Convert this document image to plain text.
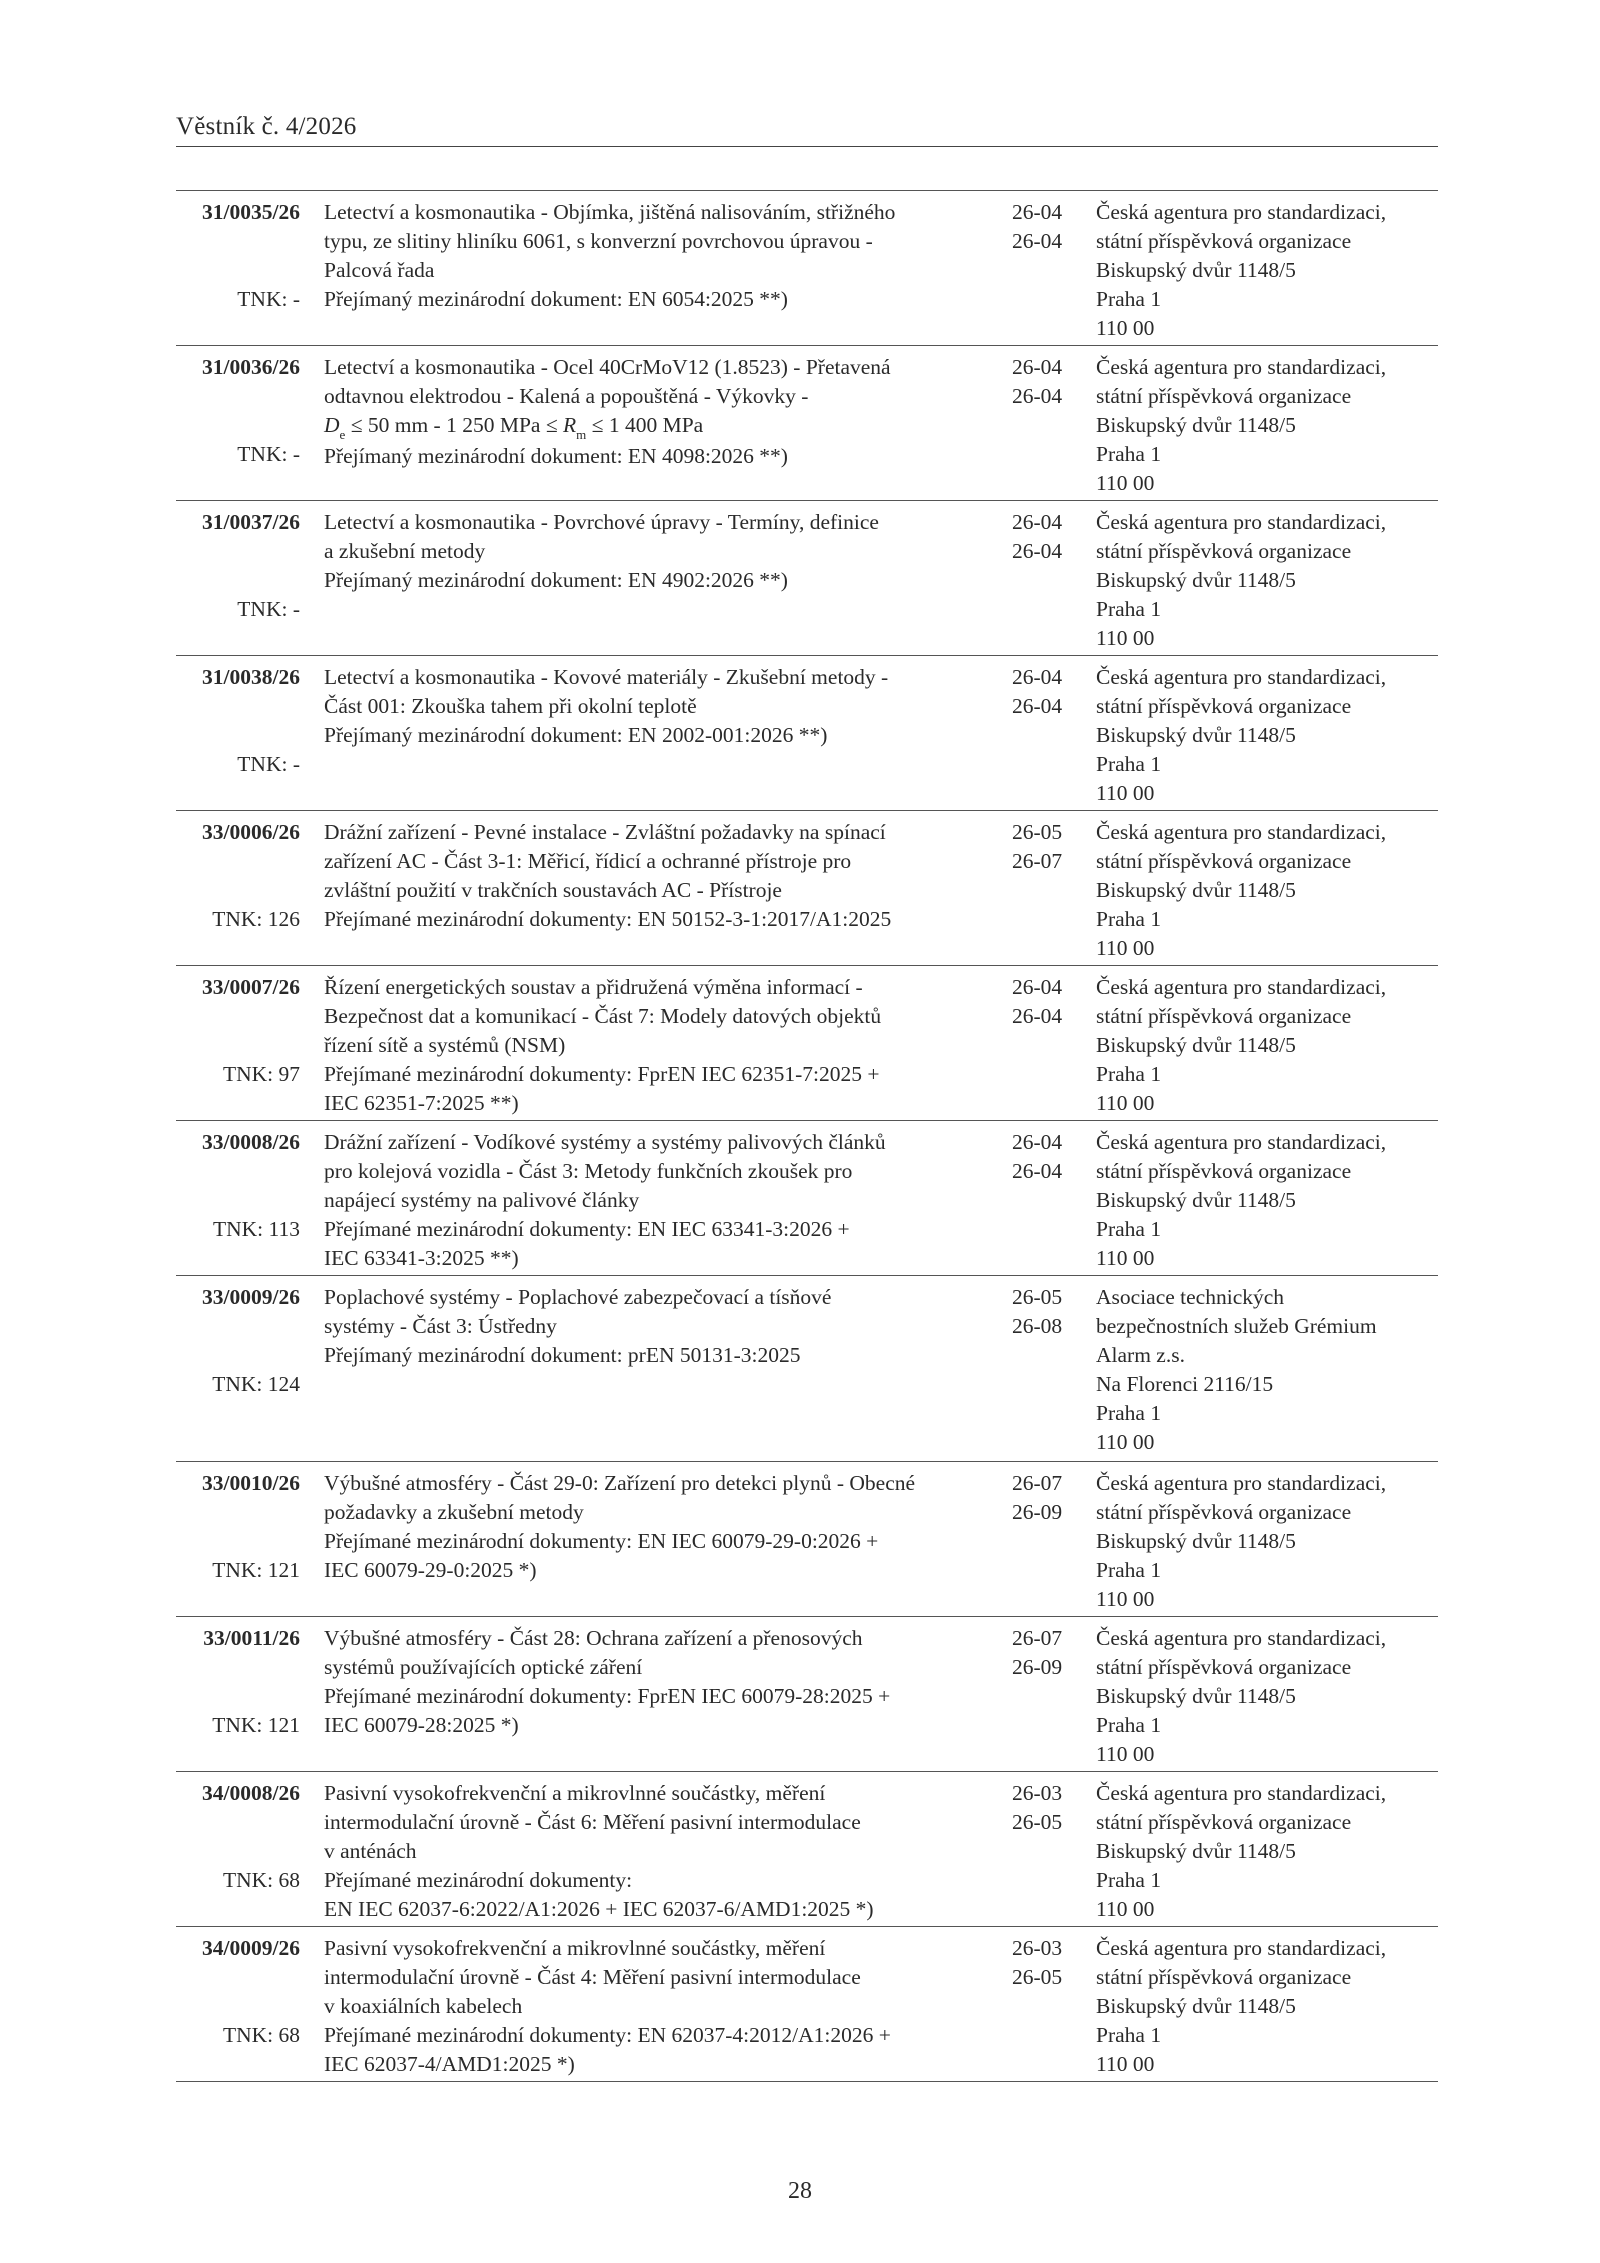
Věstník č. 4/2026
31/0035/26
TNK: -
Letectví a kosmonautika - Objímka, jištěná nalisováním, střižného
typu, ze slitiny hliníku 6061, s konverzní povrchovou úpravou -
Palcová řada
Přejímaný mezinárodní dokument: EN 6054:2025 **)
26-04
26-04
Česká agentura pro standardizaci,
státní příspěvková organizace
Biskupský dvůr 1148/5
Praha 1
110 00
31/0036/26
TNK: -
Letectví a kosmonautika - Ocel 40CrMoV12 (1.8523) - Přetavená
odtavnou elektrodou - Kalená a popouštěná - Výkovky -
$D_e \le 50$ mm - 1 250 MPa ≤ $R_m \le 1$ 400 MPa
Přejímaný mezinárodní dokument: EN 4098:2026 **)
26-04
26-04
Česká agentura pro standardizaci,
státní příspěvková organizace
Biskupský dvůr 1148/5
Praha 1
110 00
31/0037/26
TNK: -
Letectví a kosmonautika - Povrchové úpravy - Termíny, definice
a zkušební metody
Přejímaný mezinárodní dokument: EN 4902:2026 **)
26-04
26-04
Česká agentura pro standardizaci,
státní příspěvková organizace
Biskupský dvůr 1148/5
Praha 1
110 00
31/0038/26
TNK: -
Letectví a kosmonautika - Kovové materiály - Zkušební metody -
Část 001: Zkouška tahem při okolní teplotě
Přejímaný mezinárodní dokument: EN 2002-001:2026 **)
26-04
26-04
Česká agentura pro standardizaci,
státní příspěvková organizace
Biskupský dvůr 1148/5
Praha 1
110 00
33/0006/26
TNK: 126
Drážní zařízení - Pevné instalace - Zvláštní požadavky na spínací
zařízení AC - Část 3-1: Měřicí, řídicí a ochranné přístroje pro
zvláštní použití v trakčních soustavách AC - Přístroje
Přejímané mezinárodní dokumenty: EN 50152-3-1:2017/A1:2025
26-05
26-07
Česká agentura pro standardizaci,
státní příspěvková organizace
Biskupský dvůr 1148/5
Praha 1
110 00
33/0007/26
TNK: 97
Řízení energetických soustav a přidružená výměna informací -
Bezpečnost dat a komunikací - Část 7: Modely datových objektů
řízení sítě a systémů (NSM)
Přejímané mezinárodní dokumenty: FprEN IEC 62351-7:2025 +
IEC 62351-7:2025 **)
26-04
26-04
Česká agentura pro standardizaci,
státní příspěvková organizace
Biskupský dvůr 1148/5
Praha 1
110 00
33/0008/26
TNK: 113
Drážní zařízení - Vodíkové systémy a systémy palivových článků
pro kolejová vozidla - Část 3: Metody funkčních zkoušek pro
napájecí systémy na palivové články
Přejímané mezinárodní dokumenty: EN IEC 63341-3:2026 +
IEC 63341-3:2025 **)
26-04
26-04
Česká agentura pro standardizaci,
státní příspěvková organizace
Biskupský dvůr 1148/5
Praha 1
110 00
33/0009/26
TNK: 124
Poplachové systémy - Poplachové zabezpečovací a tísňové
systémy - Část 3: Ústředny
Přejímaný mezinárodní dokument: prEN 50131-3:2025
26-05
26-08
Asociace technických
bezpečnostních služeb Grémium
Alarm z.s.
Na Florenci 2116/15
Praha 1
110 00
33/0010/26
TNK: 121
Výbušné atmosféry - Část 29-0: Zařízení pro detekci plynů - Obecné
požadavky a zkušební metody
Přejímané mezinárodní dokumenty: EN IEC 60079-29-0:2026 +
IEC 60079-29-0:2025 *)
26-07
26-09
Česká agentura pro standardizaci,
státní příspěvková organizace
Biskupský dvůr 1148/5
Praha 1
110 00
33/0011/26
TNK: 121
Výbušné atmosféry - Část 28: Ochrana zařízení a přenosových
systémů používajících optické záření
Přejímané mezinárodní dokumenty: FprEN IEC 60079-28:2025 +
IEC 60079-28:2025 *)
26-07
26-09
Česká agentura pro standardizaci,
státní příspěvková organizace
Biskupský dvůr 1148/5
Praha 1
110 00
34/0008/26
TNK: 68
Pasivní vysokofrekvenční a mikrovlnné součástky, měření
intermodulační úrovně - Část 6: Měření pasivní intermodulace
v anténách
Přejímané mezinárodní dokumenty:
EN IEC 62037-6:2022/A1:2026 + IEC 62037-6/AMD1:2025 *)
26-03
26-05
Česká agentura pro standardizaci,
státní příspěvková organizace
Biskupský dvůr 1148/5
Praha 1
110 00
34/0009/26
TNK: 68
Pasivní vysokofrekvenční a mikrovlnné součástky, měření
intermodulační úrovně - Část 4: Měření pasivní intermodulace
v koaxiálních kabelech
Přejímané mezinárodní dokumenty: EN 62037-4:2012/A1:2026 +
IEC 62037-4/AMD1:2025 *)
26-03
26-05
Česká agentura pro standardizaci,
státní příspěvková organizace
Biskupský dvůr 1148/5
Praha 1
110 00
28
